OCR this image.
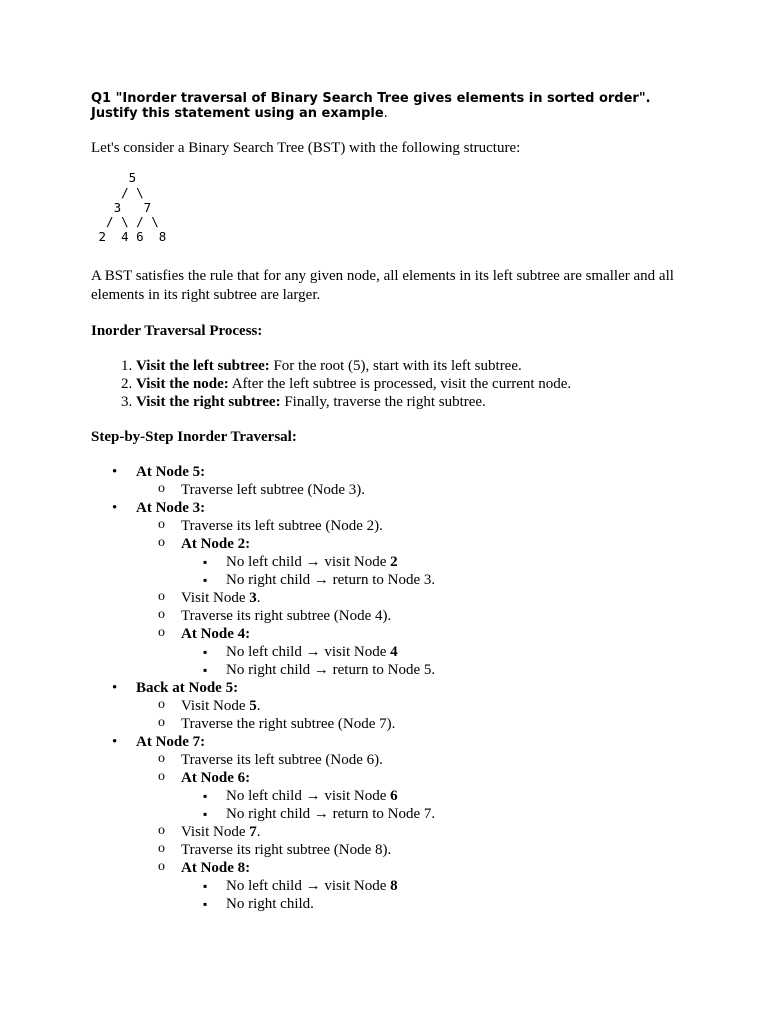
Q1 "Inorder traversal of Binary Search Tree gives elements in sorted order". Justify this statement using an example.

Let's consider a Binary Search Tree (BST) with the following structure:

5
/ \
3   7
/ \ / \
2  4 6  8

A BST satisfies the rule that for any given node, all elements in its left subtree are smaller and all elements in its right subtree are larger.

Inorder Traversal Process:

1. Visit the left subtree: For the root (5), start with its left subtree.
2. Visit the node: After the left subtree is processed, visit the current node.
3. Visit the right subtree: Finally, traverse the right subtree.

Step-by-Step Inorder Traversal:

• At Node 5:
o Traverse left subtree (Node 3).
• At Node 3:
o Traverse its left subtree (Node 2).
o At Node 2:
▪ No left child → visit Node 2
▪ No right child → return to Node 3.
o Visit Node 3.
o Traverse its right subtree (Node 4).
o At Node 4:
▪ No left child → visit Node 4
▪ No right child → return to Node 5.
• Back at Node 5:
o Visit Node 5.
o Traverse the right subtree (Node 7).
• At Node 7:
o Traverse its left subtree (Node 6).
o At Node 6:
▪ No left child → visit Node 6
▪ No right child → return to Node 7.
o Visit Node 7.
o Traverse its right subtree (Node 8).
o At Node 8:
▪ No left child → visit Node 8
▪ No right child.
